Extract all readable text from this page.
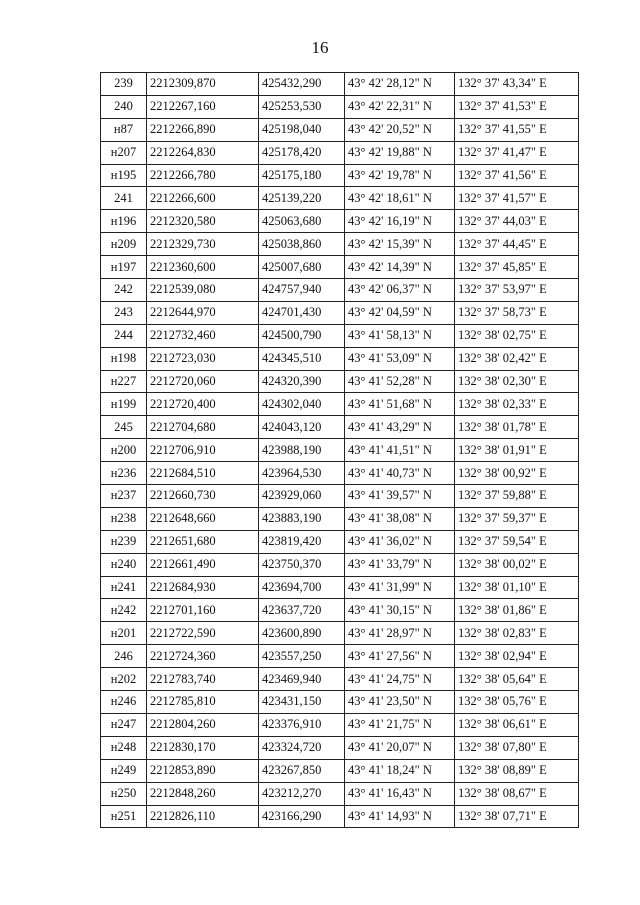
16
239	2212309,870	425432,290	43° 42' 28,12" N	132° 37' 43,34" E
240	2212267,160	425253,530	43° 42' 22,31" N	132° 37' 41,53" E
н87	2212266,890	425198,040	43° 42' 20,52" N	132° 37' 41,55" E
н207	2212264,830	425178,420	43° 42' 19,88" N	132° 37' 41,47" E
н195	2212266,780	425175,180	43° 42' 19,78" N	132° 37' 41,56" E
241	2212266,600	425139,220	43° 42' 18,61" N	132° 37' 41,57" E
н196	2212320,580	425063,680	43° 42' 16,19" N	132° 37' 44,03" E
н209	2212329,730	425038,860	43° 42' 15,39" N	132° 37' 44,45" E
н197	2212360,600	425007,680	43° 42' 14,39" N	132° 37' 45,85" E
242	2212539,080	424757,940	43° 42' 06,37" N	132° 37' 53,97" E
243	2212644,970	424701,430	43° 42' 04,59" N	132° 37' 58,73" E
244	2212732,460	424500,790	43° 41' 58,13" N	132° 38' 02,75" E
н198	2212723,030	424345,510	43° 41' 53,09" N	132° 38' 02,42" E
н227	2212720,060	424320,390	43° 41' 52,28" N	132° 38' 02,30" E
н199	2212720,400	424302,040	43° 41' 51,68" N	132° 38' 02,33" E
245	2212704,680	424043,120	43° 41' 43,29" N	132° 38' 01,78" E
н200	2212706,910	423988,190	43° 41' 41,51" N	132° 38' 01,91" E
н236	2212684,510	423964,530	43° 41' 40,73" N	132° 38' 00,92" E
н237	2212660,730	423929,060	43° 41' 39,57" N	132° 37' 59,88" E
н238	2212648,660	423883,190	43° 41' 38,08" N	132° 37' 59,37" E
н239	2212651,680	423819,420	43° 41' 36,02" N	132° 37' 59,54" E
н240	2212661,490	423750,370	43° 41' 33,79" N	132° 38' 00,02" E
н241	2212684,930	423694,700	43° 41' 31,99" N	132° 38' 01,10" E
н242	2212701,160	423637,720	43° 41' 30,15" N	132° 38' 01,86" E
н201	2212722,590	423600,890	43° 41' 28,97" N	132° 38' 02,83" E
246	2212724,360	423557,250	43° 41' 27,56" N	132° 38' 02,94" E
н202	2212783,740	423469,940	43° 41' 24,75" N	132° 38' 05,64" E
н246	2212785,810	423431,150	43° 41' 23,50" N	132° 38' 05,76" E
н247	2212804,260	423376,910	43° 41' 21,75" N	132° 38' 06,61" E
н248	2212830,170	423324,720	43° 41' 20,07" N	132° 38' 07,80" E
н249	2212853,890	423267,850	43° 41' 18,24" N	132° 38' 08,89" E
н250	2212848,260	423212,270	43° 41' 16,43" N	132° 38' 08,67" E
н251	2212826,110	423166,290	43° 41' 14,93" N	132° 38' 07,71" E
